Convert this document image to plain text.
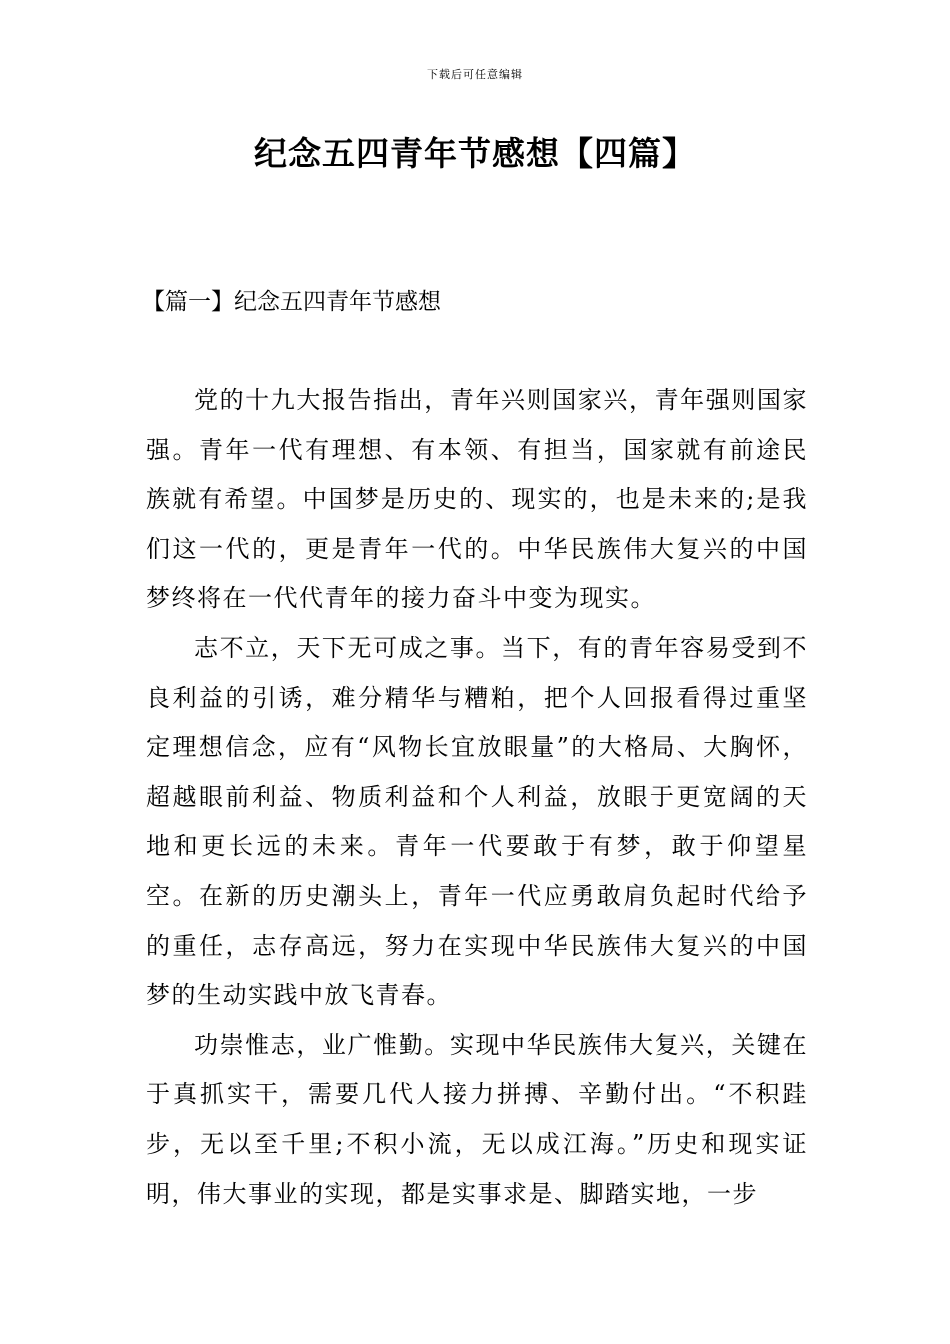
下载后可任意编辑
纪念五四青年节感想【四篇】
【篇一】纪念五四青年节感想

党的十九大报告指出，青年兴则国家兴，青年强则国家强。青年一代有理想、有本领、有担当，国家就有前途民族就有希望。中国梦是历史的、现实的，也是未来的;是我们这一代的，更是青年一代的。中华民族伟大复兴的中国梦终将在一代代青年的接力奋斗中变为现实。

志不立，天下无可成之事。当下，有的青年容易受到不良利益的引诱，难分精华与糟粕，把个人回报看得过重坚定理想信念，应有“风物长宜放眼量”的大格局、大胸怀，超越眼前利益、物质利益和个人利益，放眼于更宽阔的天地和更长远的未来。青年一代要敢于有梦，敢于仰望星空。在新的历史潮头上，青年一代应勇敢肩负起时代给予的重任，志存高远，努力在实现中华民族伟大复兴的中国梦的生动实践中放飞青春。

功崇惟志，业广惟勤。实现中华民族伟大复兴，关键在于真抓实干，需要几代人接力拼搏、辛勤付出。“不积跬步，无以至千里;不积小流，无以成江海。”历史和现实证明，伟大事业的实现，都是实事求是、脚踏实地，一步
